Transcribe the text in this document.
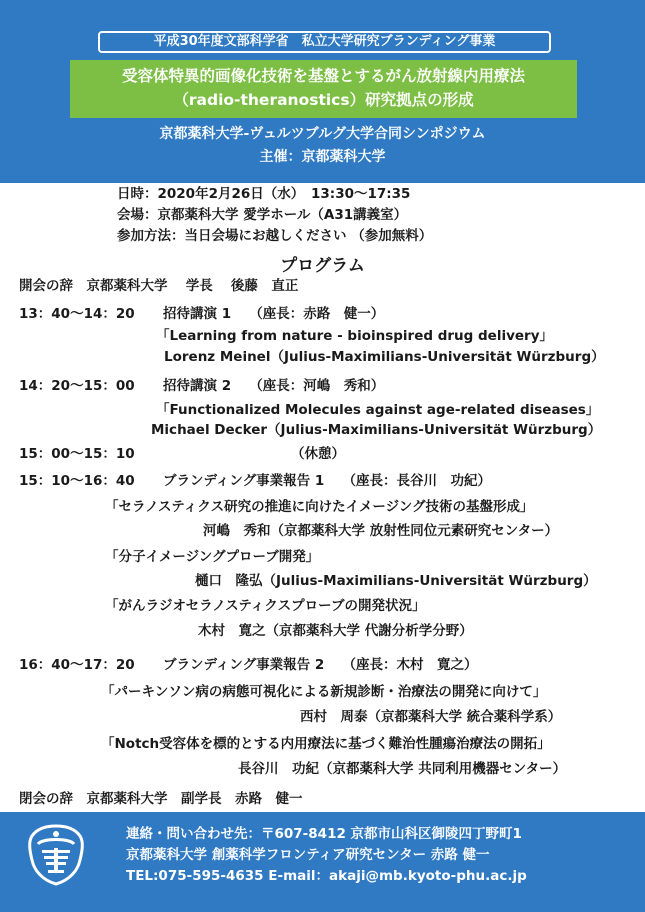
平成30年度文部科学省　私立大学研究ブランディング事業
受容体特異的画像化技術を基盤とするがん放射線内用療法
（radio-theranostics）研究拠点の形成
京都薬科大学-ヴュルツブルグ大学合同シンポジウム
主催：京都薬科大学
日時：2020年2月26日（水）　13:30～17:35
会場：京都薬科大学 愛学ホール（A31講義室）
参加方法：当日会場にお越しください （参加無料）
プログラム
開会の辞　京都薬科大学　 学長　 後藤　直正
13：40～14：20 招待講演 1　 （座長：赤路　健一）
「Learning from nature - bioinspired drug delivery」
Lorenz Meinel（Julius-Maximilians-Universität Würzburg）
14：20～15：00 招待講演 2　 （座長：河嶋　秀和）
「Functionalized Molecules against age-related diseases」
Michael Decker（Julius-Maximilians-Universität Würzburg）
15：00～15：10	（休憩）
15：10～16：40 ブランディング事業報告 1　 （座長：長谷川　功紀）
「セラノスティクス研究の推進に向けたイメージング技術の基盤形成」
河嶋　秀和（京都薬科大学 放射性同位元素研究センター）
「分子イメージングプローブ開発」
樋口　隆弘（Julius-Maximilians-Universität Würzburg）
「がんラジオセラノスティクスプローブの開発状況」
木村　寛之（京都薬科大学 代謝分析学分野）
16：40～17：20 ブランディング事業報告 2　 （座長：木村　寛之）
「パーキンソン病の病態可視化による新規診断・治療法の開発に向けて」
西村　周泰（京都薬科大学 統合薬科学系）
「Notch受容体を標的とする内用療法に基づく難治性腫瘍治療法の開拓」
長谷川　功紀（京都薬科大学 共同利用機器センター）
閉会の辞　京都薬科大学　副学長　赤路　健一
連絡・問い合わせ先：〒607-8412 京都市山科区御陵四丁野町1
京都薬科大学 創薬科学フロンティア研究センター 赤路 健一
TEL:075-595-4635 E-mail：akaji@mb.kyoto-phu.ac.jp
